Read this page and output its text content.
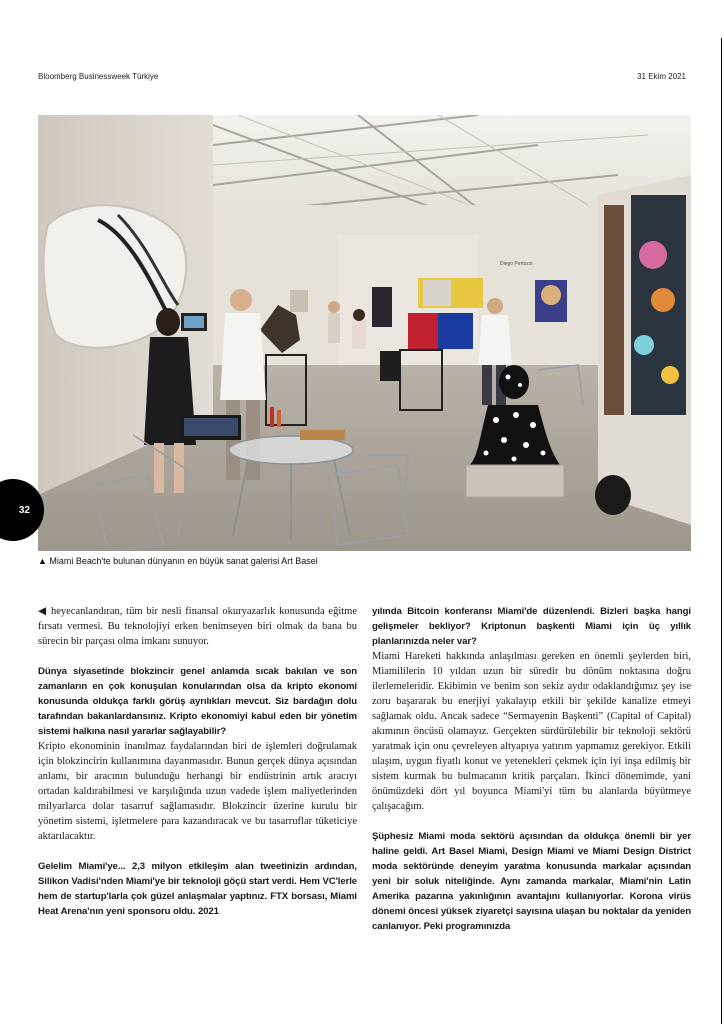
Bloomberg Businessweek Türkiye	31 Ekim 2021
Diego Pertuzzi
32
▲ Miami Beach'te bulunan dünyanın en büyük sanat galerisi Art Basel

◀ heyecanlandıran, tüm bir nesli finansal okuryazarlık konusunda eğitme fırsatı vermesi. Bu teknolojiyi erken benimseyen biri olmak da bana bu sürecin bir parçası olma imkanı sunuyor.

Dünya siyasetinde blokzincir genel anlamda sıcak bakılan ve son zamanların en çok konuşulan konularından olsa da kripto ekonomi konusunda oldukça farklı görüş ayrılıkları mevcut. Siz bardağın dolu tarafından bakanlardansınız. Kripto ekonomiyi kabul eden bir yönetim sistemi halkına nasıl yararlar sağlayabilir?

Kripto ekonominin inanılmaz faydalarından biri de işlemleri doğrulamak için blokzincirin kullanımına dayanmasıdır. Bunun gerçek dünya açısından anlamı, bir aracının bulunduğu herhangi bir endüstrinin artık aracıyı ortadan kaldırabilmesi ve karşılığında uzun vadede işlem maliyetlerinden milyarlarca dolar tasarruf sağlamasıdır. Blokzincir üzerine kurulu bir yönetim sistemi, işletmelere para kazandıracak ve bu tasarruflar tüketiciye aktarılacaktır.

Gelelim Miami'ye... 2,3 milyon etkileşim alan tweetinizin ardından, Silikon Vadisi'nden Miami'ye bir teknoloji göçü start verdi. Hem VC'lerle hem de startup'larla çok güzel anlaşmalar yaptınız. FTX borsası, Miami Heat Arena'nın yeni sponsoru oldu. 2021

yılında Bitcoin konferansı Miami'de düzenlendi. Bizleri başka hangi gelişmeler bekliyor? Kriptonun başkenti Miami için üç yıllık planlarınızda neler var?

Miami Hareketi hakkında anlaşılması gereken en önemli şeylerden biri, Miamililerin 10 yıldan uzun bir süredir bu dönüm noktasına doğru ilerlemeleridir. Ekibimin ve benim son sekiz aydır odaklandığımız şey ise zoru başararak bu enerjiyi yakalayıp etkili bir şekilde kanalize etmeyi sağlamak oldu. Ancak sadece “Sermayenin Başkenti” (Capital of Capital) akımının öncüsü olamayız. Gerçekten sürdürülebilir bir teknoloji sektörü yaratmak için onu çevreleyen altyapıya yatırım yapmamız gerekiyor. Etkili ulaşım, uygun fiyatlı konut ve yetenekleri çekmek için iyi inşa edilmiş bir sistem kurmak bu bulmacanın kritik parçaları. İkinci dönemimde, yani önümüzdeki dört yıl boyunca Miami'yi tüm bu alanlarda büyütmeye çalışacağım.

Şüphesiz Miami moda sektörü açısından da oldukça önemli bir yer haline geldi. Art Basel Miami, Design Miami ve Miami Design District moda sektöründe deneyim yaratma konusunda markalar açısından yeni bir soluk niteliğinde. Aynı zamanda markalar, Miami'nin Latin Amerika pazarına yakınlığının avantajını kullanıyorlar. Korona virüs dönemi öncesi yüksek ziyaretçi sayısına ulaşan bu noktalar da yeniden canlanıyor. Peki programınızda
